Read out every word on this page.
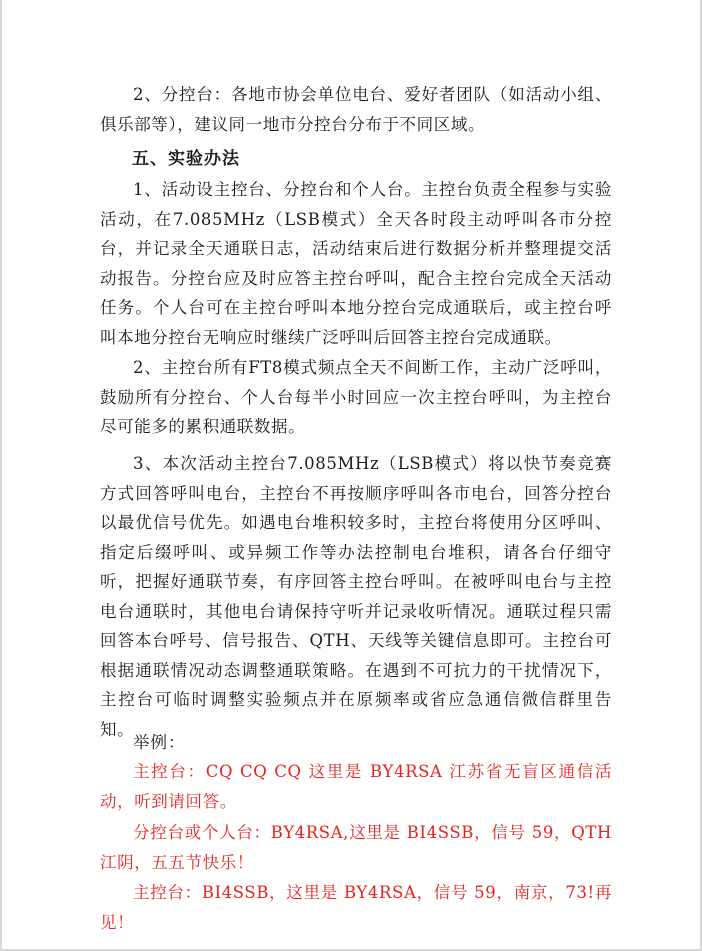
2、分控台：各地市协会单位电台、爱好者团队（如活动小组、俱乐部等），建议同一地市分控台分布于不同区域。

五、实验办法

1、活动设主控台、分控台和个人台。主控台负责全程参与实验活动，在7.085MHz（LSB模式）全天各时段主动呼叫各市分控台，并记录全天通联日志，活动结束后进行数据分析并整理提交活动报告。分控台应及时应答主控台呼叫，配合主控台完成全天活动任务。个人台可在主控台呼叫本地分控台完成通联后，或主控台呼叫本地分控台无响应时继续广泛呼叫后回答主控台完成通联。

2、主控台所有FT8模式频点全天不间断工作，主动广泛呼叫，鼓励所有分控台、个人台每半小时回应一次主控台呼叫，为主控台尽可能多的累积通联数据。

3、本次活动主控台7.085MHz（LSB模式）将以快节奏竞赛方式回答呼叫电台，主控台不再按顺序呼叫各市电台，回答分控台以最优信号优先。如遇电台堆积较多时，主控台将使用分区呼叫、指定后缀呼叫、或异频工作等办法控制电台堆积，请各台仔细守听，把握好通联节奏，有序回答主控台呼叫。在被呼叫电台与主控电台通联时，其他电台请保持守听并记录收听情况。通联过程只需回答本台呼号、信号报告、QTH、天线等关键信息即可。主控台可根据通联情况动态调整通联策略。在遇到不可抗力的干扰情况下，主控台可临时调整实验频点并在原频率或省应急通信微信群里告知。

举例：

主控台：CQ CQ CQ 这里是 BY4RSA 江苏省无盲区通信活动，听到请回答。

分控台或个人台：BY4RSA,这里是 BI4SSB，信号 59，QTH 江阴，五五节快乐！

主控台：BI4SSB，这里是 BY4RSA，信号 59，南京，73!再见！
